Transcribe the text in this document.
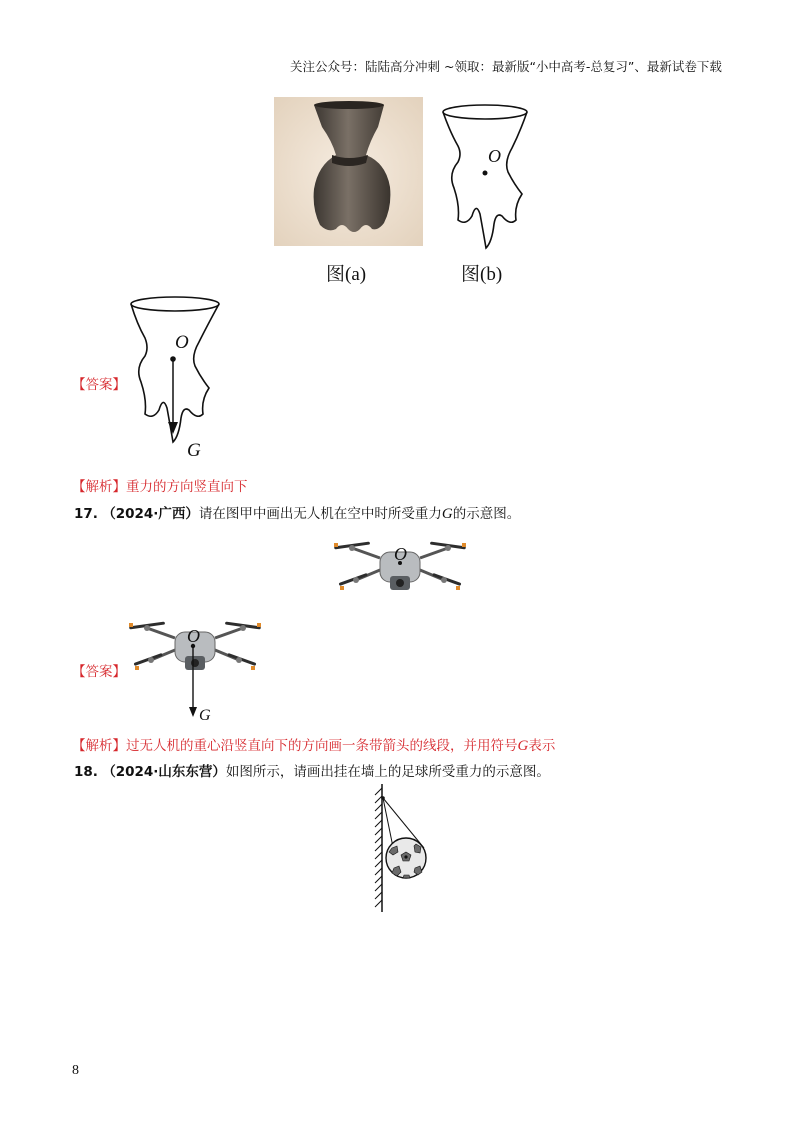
关注公众号：陆陆高分冲刺 ~领取：最新版“小中高考-总复习”、最新试卷下载
图(a)
O
图(b)
【答案】
O
G
【解析】重力的方向竖直向下
17. （2024·广西）请在图甲中画出无人机在空中时所受重力G的示意图。
O
【答案】
O
G
【解析】过无人机的重心沿竖直向下的方向画一条带箭头的线段，并用符号G表示
18. （2024·山东东营）如图所示，请画出挂在墙上的足球所受重力的示意图。
8
